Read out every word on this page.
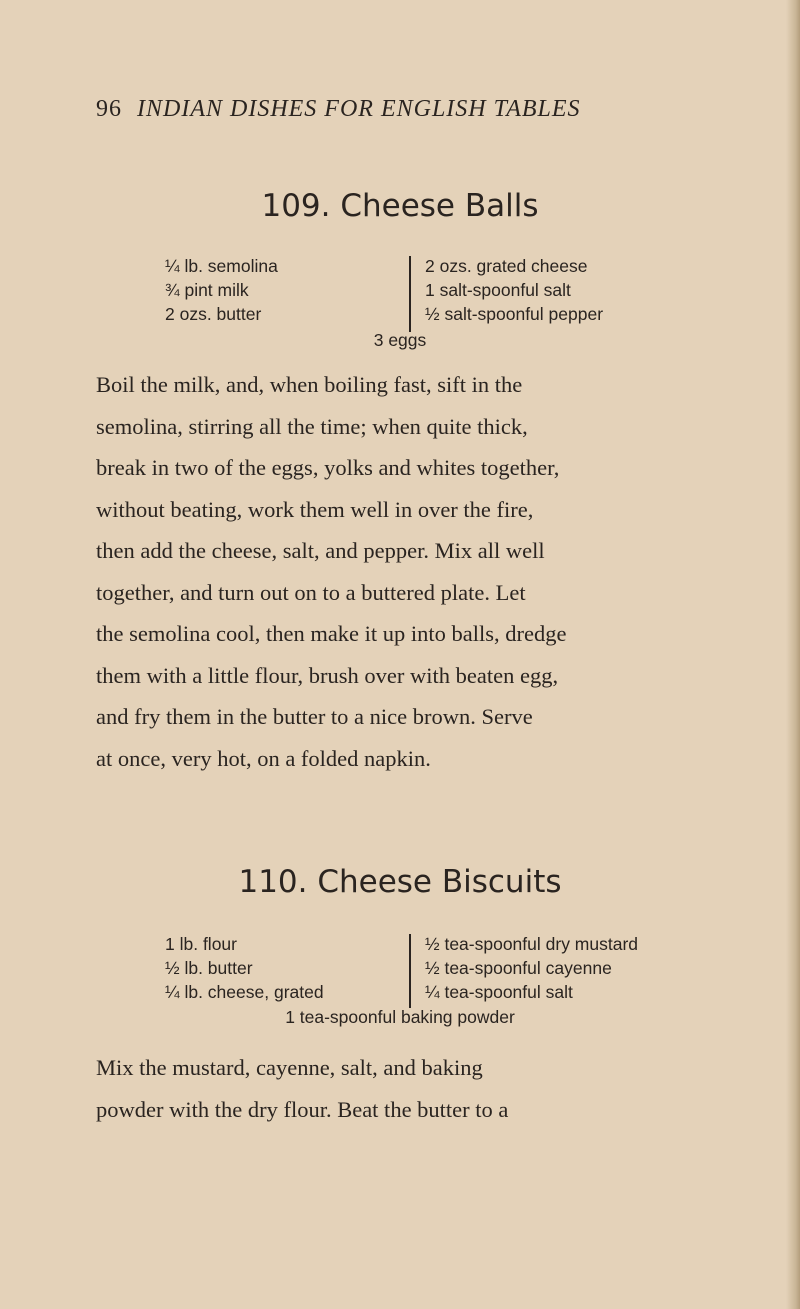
96 INDIAN DISHES FOR ENGLISH TABLES
109. Cheese Balls
¼ lb. semolina
¾ pint milk
2 ozs. butter
2 ozs. grated cheese
1 salt-spoonful salt
½ salt-spoonful pepper
3 eggs
Boil the milk, and, when boiling fast, sift in the
semolina, stirring all the time; when quite thick,
break in two of the eggs, yolks and whites together,
without beating, work them well in over the fire,
then add the cheese, salt, and pepper. Mix all well
together, and turn out on to a buttered plate. Let
the semolina cool, then make it up into balls, dredge
them with a little flour, brush over with beaten egg,
and fry them in the butter to a nice brown. Serve
at once, very hot, on a folded napkin.
110. Cheese Biscuits
1 lb. flour
½ lb. butter
¼ lb. cheese, grated
½ tea-spoonful dry mustard
½ tea-spoonful cayenne
¼ tea-spoonful salt
1 tea-spoonful baking powder
Mix the mustard, cayenne, salt, and baking
powder with the dry flour. Beat the butter to a
